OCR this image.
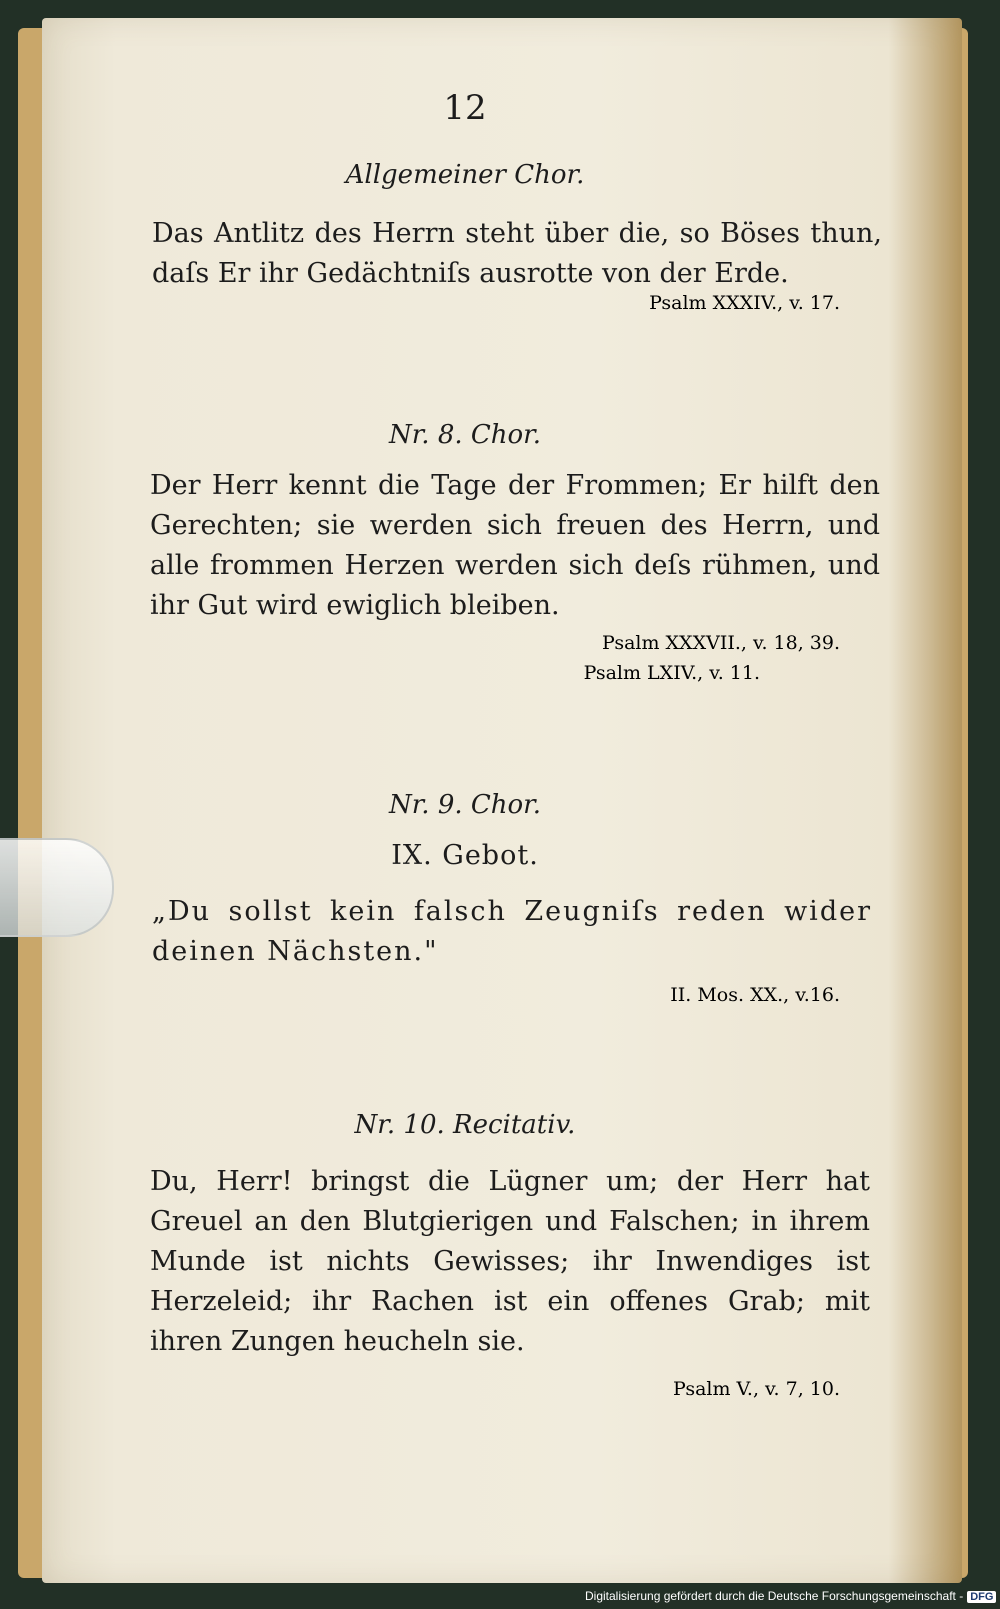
12
Allgemeiner Chor.
Das Antlitz des Herrn steht über die, so Böses thun, daſs Er ihr Gedächtniſs ausrotte von der Erde.
Psalm XXXIV., v. 17.
Nr. 8. Chor.
Der Herr kennt die Tage der Frommen; Er hilft den Gerechten; sie werden sich freuen des Herrn, und alle frommen Herzen werden sich deſs rühmen, und ihr Gut wird ewiglich bleiben.
Psalm XXXVII., v. 18, 39.
Psalm LXIV., v. 11.
Nr. 9. Chor.
IX. Gebot.
„Du sollst kein falsch Zeugniſs reden wider deinen Nächsten."
II. Mos. XX., v.16.
Nr. 10. Recitativ.
Du, Herr! bringst die Lügner um; der Herr hat Greuel an den Blutgierigen und Falschen; in ihrem Munde ist nichts Gewisses; ihr Inwendiges ist Herzeleid; ihr Rachen ist ein offenes Grab; mit ihren Zungen heucheln sie.
Psalm V., v. 7, 10.
Digitalisierung gefördert durch die Deutsche Forschungsgemeinschaft - DFG
